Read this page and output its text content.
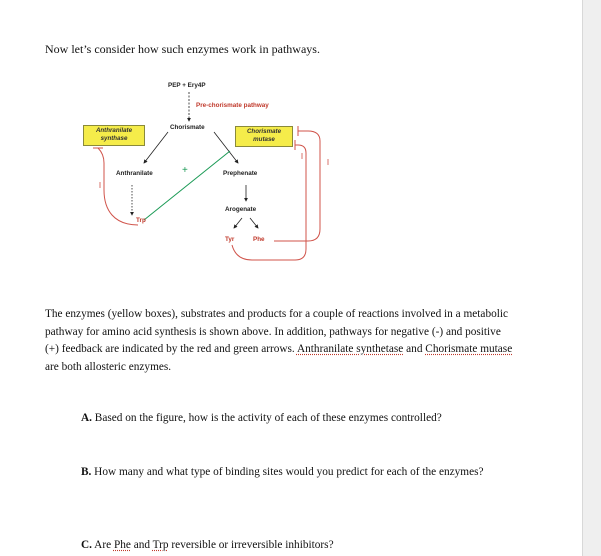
Now let’s consider how such enzymes work in pathways.
PEP + Ery4P
Pre-chorismate pathway
Chorismate
Anthranilate
synthase
Chorismate
mutase
Anthranilate	+	Prephenate
Trp
Arogenate
Tyr	Phe
The enzymes (yellow boxes), substrates and products for a couple of reactions involved in a metabolic pathway for amino acid synthesis is shown above. In addition, pathways for negative (-) and positive (+) feedback are indicated by the red and green arrows. Anthranilate synthetase and Chorismate mutase are both allosteric enzymes.
A. Based on the figure, how is the activity of each of these enzymes controlled?
B. How many and what type of binding sites would you predict for each of the enzymes?
C. Are Phe and Trp reversible or irreversible inhibitors?
